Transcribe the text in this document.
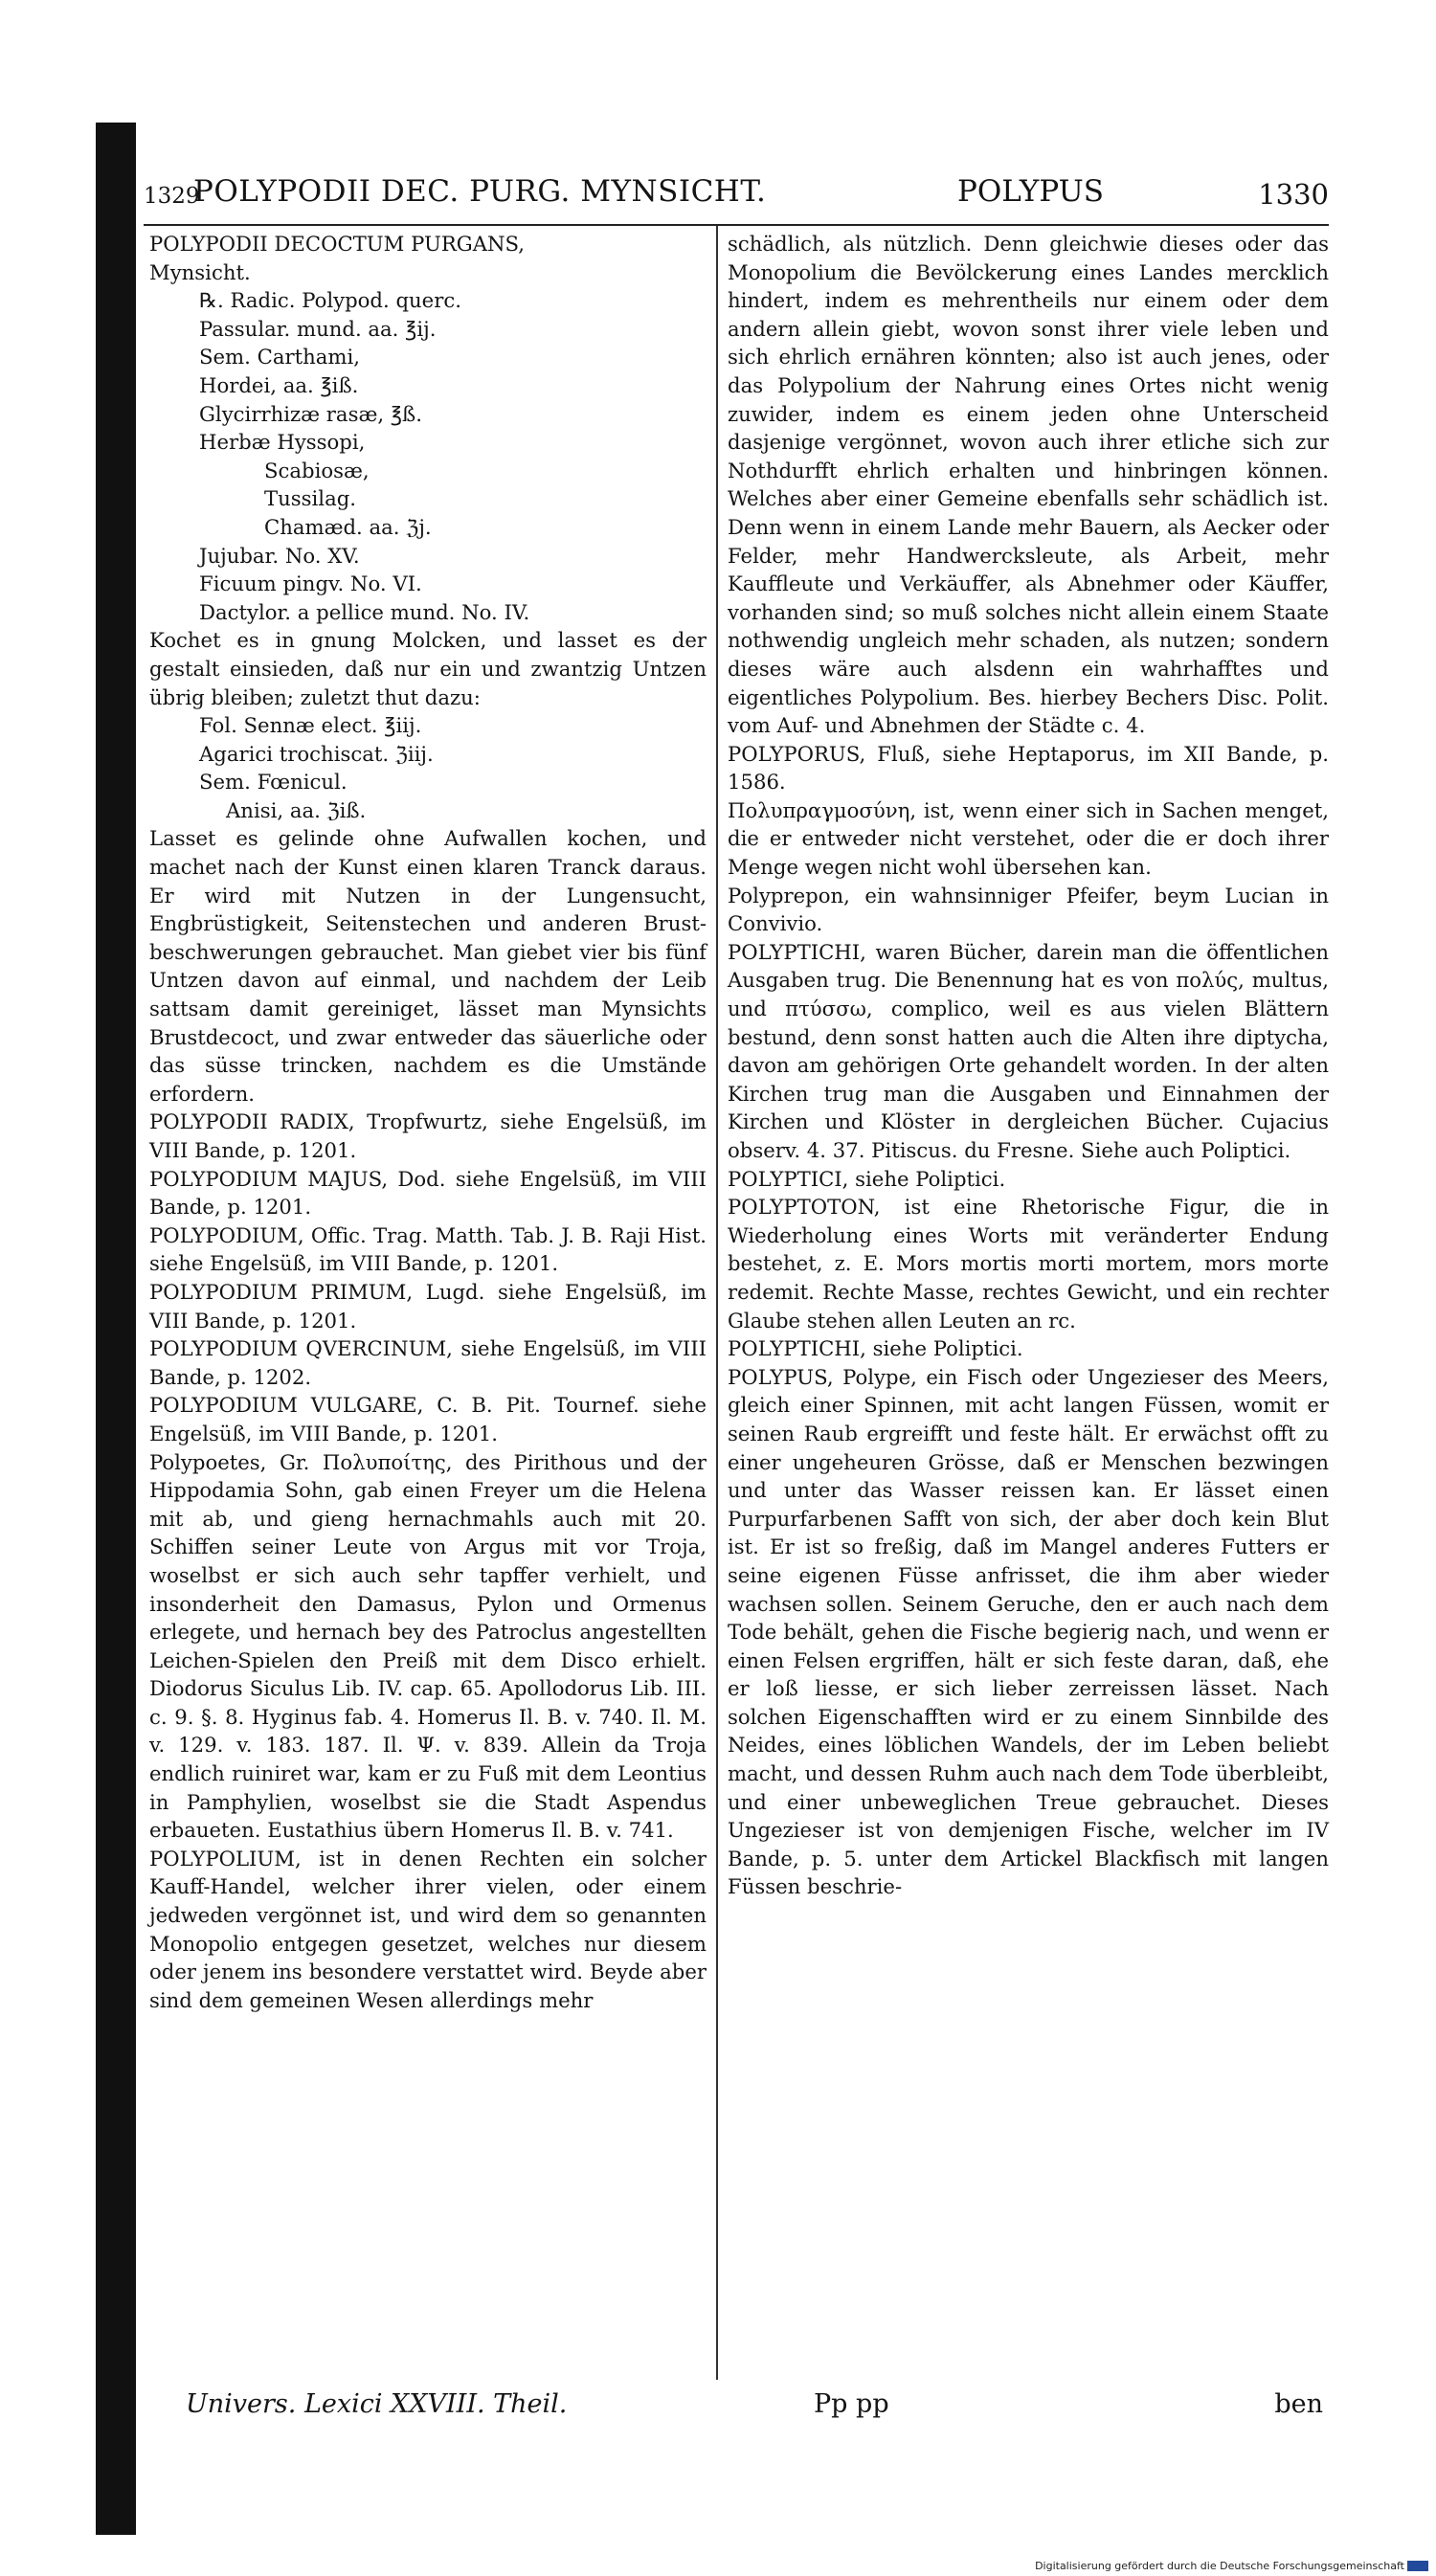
1329
POLYPODII DEC. PURG. MYNSICHT.	POLYPUS	1330

POLYPODII DECOCTUM PURGANS,

Mynsicht.

℞. Radic. Polypod. querc.

Passular. mund. aa. ℥ij.

Sem. Carthami,

Hordei, aa. ℥iß.

Glycirrhizæ rasæ, ℥ß.

Herbæ Hyssopi,

Scabiosæ,

Tussilag.

Chamæd. aa. ℨj.

Jujubar. No. XV.

Ficuum pingv. No. VI.

Dactylor. a pellice mund. No. IV.

Kochet es in gnung Molcken, und lasset es der gestalt einsieden, daß nur ein und zwantzig Untzen übrig bleiben; zuletzt thut dazu:

Fol. Sennæ elect. ℥iij.

Agarici trochiscat. ℨiij.

Sem. Fœnicul.

Anisi, aa. ℨiß.

Lasset es gelinde ohne Aufwallen kochen, und machet nach der Kunst einen klaren Tranck daraus. Er wird mit Nutzen in der Lungensucht, Engbrüstigkeit, Seitenstechen und anderen Brust-beschwerungen gebrauchet. Man giebet vier bis fünf Untzen davon auf einmal, und nachdem der Leib sattsam damit gereiniget, lässet man Mynsichts Brustdecoct, und zwar entweder das säuerliche oder das süsse trincken, nachdem es die Umstände erfordern.

POLYPODII RADIX, Tropfwurtz, siehe Engelsüß, im VIII Bande, p. 1201.

POLYPODIUM MAJUS, Dod. siehe Engelsüß, im VIII Bande, p. 1201.

POLYPODIUM, Offic. Trag. Matth. Tab. J. B. Raji Hist. siehe Engelsüß, im VIII Bande, p. 1201.

POLYPODIUM PRIMUM, Lugd. siehe Engelsüß, im VIII Bande, p. 1201.

POLYPODIUM QVERCINUM, siehe Engelsüß, im VIII Bande, p. 1202.

POLYPODIUM VULGARE, C. B. Pit. Tournef. siehe Engelsüß, im VIII Bande, p. 1201.

Polypoetes, Gr. Πολυποίτης, des Pirithous und der Hippodamia Sohn, gab einen Freyer um die Helena mit ab, und gieng hernachmahls auch mit 20. Schiffen seiner Leute von Argus mit vor Troja, woselbst er sich auch sehr tapffer verhielt, und insonderheit den Damasus, Pylon und Ormenus erlegete, und hernach bey des Patroclus angestellten Leichen-Spielen den Preiß mit dem Disco erhielt. Diodorus Siculus Lib. IV. cap. 65. Apollodorus Lib. III. c. 9. §. 8. Hyginus fab. 4. Homerus Il. B. v. 740. Il. M. v. 129. v. 183. 187. Il. Ψ. v. 839. Allein da Troja endlich ruiniret war, kam er zu Fuß mit dem Leontius in Pamphylien, woselbst sie die Stadt Aspendus erbaueten. Eustathius übern Homerus Il. B. v. 741.

POLYPOLIUM, ist in denen Rechten ein solcher Kauff-Handel, welcher ihrer vielen, oder einem jedweden vergönnet ist, und wird dem so genannten Monopolio entgegen gesetzet, welches nur diesem oder jenem ins besondere verstattet wird. Beyde aber sind dem gemeinen Wesen allerdings mehr

schädlich, als nützlich. Denn gleichwie dieses oder das Monopolium die Bevölckerung eines Landes mercklich hindert, indem es mehrentheils nur einem oder dem andern allein giebt, wovon sonst ihrer viele leben und sich ehrlich ernähren könnten; also ist auch jenes, oder das Polypolium der Nahrung eines Ortes nicht wenig zuwider, indem es einem jeden ohne Unterscheid dasjenige vergönnet, wovon auch ihrer etliche sich zur Nothdurfft ehrlich erhalten und hinbringen können. Welches aber einer Gemeine ebenfalls sehr schädlich ist. Denn wenn in einem Lande mehr Bauern, als Aecker oder Felder, mehr Handwercksleute, als Arbeit, mehr Kauffleute und Verkäuffer, als Abnehmer oder Käuffer, vorhanden sind; so muß solches nicht allein einem Staate nothwendig ungleich mehr schaden, als nutzen; sondern dieses wäre auch alsdenn ein wahrhafftes und eigentliches Polypolium. Bes. hierbey Bechers Disc. Polit. vom Auf- und Abnehmen der Städte c. 4.

POLYPORUS, Fluß, siehe Heptaporus, im XII Bande, p. 1586.

Πολυπραγμοσύνη, ist, wenn einer sich in Sachen menget, die er entweder nicht verstehet, oder die er doch ihrer Menge wegen nicht wohl übersehen kan.

Polyprepon, ein wahnsinniger Pfeifer, beym Lucian in Convivio.

POLYPTICHI, waren Bücher, darein man die öffentlichen Ausgaben trug. Die Benennung hat es von πολύς, multus, und πτύσσω, complico, weil es aus vielen Blättern bestund, denn sonst hatten auch die Alten ihre diptycha, davon am gehörigen Orte gehandelt worden. In der alten Kirchen trug man die Ausgaben und Einnahmen der Kirchen und Klöster in dergleichen Bücher. Cujacius observ. 4. 37. Pitiscus. du Fresne. Siehe auch Poliptici.

POLYPTICI, siehe Poliptici.

POLYPTOTON, ist eine Rhetorische Figur, die in Wiederholung eines Worts mit veränderter Endung bestehet, z. E. Mors mortis morti mortem, mors morte redemit. Rechte Masse, rechtes Gewicht, und ein rechter Glaube stehen allen Leuten an rc.

POLYPTICHI, siehe Poliptici.

POLYPUS, Polype, ein Fisch oder Ungezieser des Meers, gleich einer Spinnen, mit acht langen Füssen, womit er seinen Raub ergreifft und feste hält. Er erwächst offt zu einer ungeheuren Grösse, daß er Menschen bezwingen und unter das Wasser reissen kan. Er lässet einen Purpurfarbenen Safft von sich, der aber doch kein Blut ist. Er ist so freßig, daß im Mangel anderes Futters er seine eigenen Füsse anfrisset, die ihm aber wieder wachsen sollen. Seinem Geruche, den er auch nach dem Tode behält, gehen die Fische begierig nach, und wenn er einen Felsen ergriffen, hält er sich feste daran, daß, ehe er loß liesse, er sich lieber zerreissen lässet. Nach solchen Eigenschafften wird er zu einem Sinnbilde des Neides, eines löblichen Wandels, der im Leben beliebt macht, und dessen Ruhm auch nach dem Tode überbleibt, und einer unbeweglichen Treue gebrauchet. Dieses Ungezieser ist von demjenigen Fische, welcher im IV Bande, p. 5. unter dem Artickel Blackfisch mit langen Füssen beschrie-

Univers. Lexici XXVIII. Theil.	Pp pp	ben
Digitalisierung gefördert durch die Deutsche Forschungsgemeinschaft
